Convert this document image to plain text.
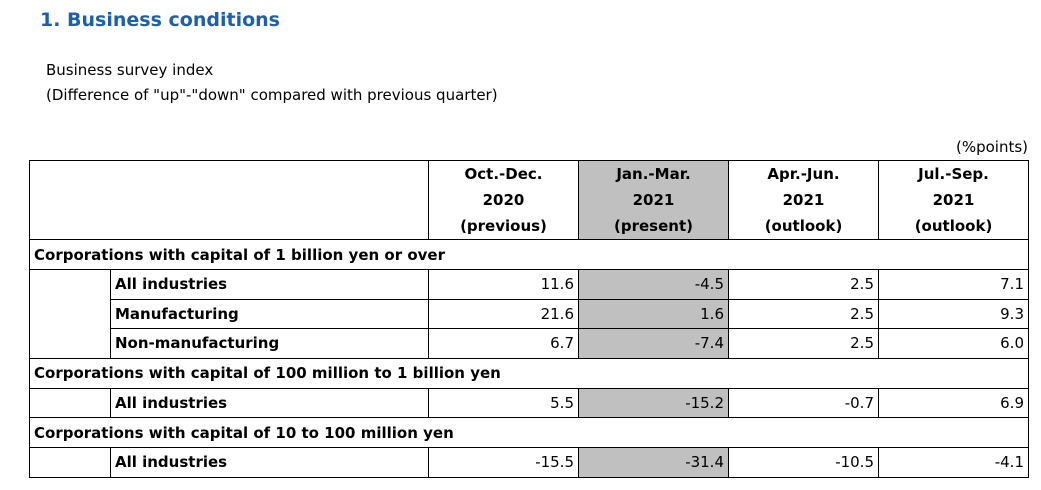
1. Business conditions

Business survey index

(Difference of "up"-"down" compared with previous quarter)

(%points)

		Oct.-Dec.
2020
(previous)	Jan.-Mar.
2021
(present)	Apr.-Jun.
2021
(outlook)	Jul.-Sep.
2021
(outlook)

Corporations with capital of 1 billion yen or over					
	All industries	11.6	-4.5	2.5	7.1
	Manufacturing	21.6	1.6	2.5	9.3
	Non-manufacturing	6.7	-7.4	2.5	6.0
Corporations with capital of 100 million to 1 billion yen					
	All industries	5.5	-15.2	-0.7	6.9
Corporations with capital of 10 to 100 million yen					
	All industries	-15.5	-31.4	-10.5	-4.1
